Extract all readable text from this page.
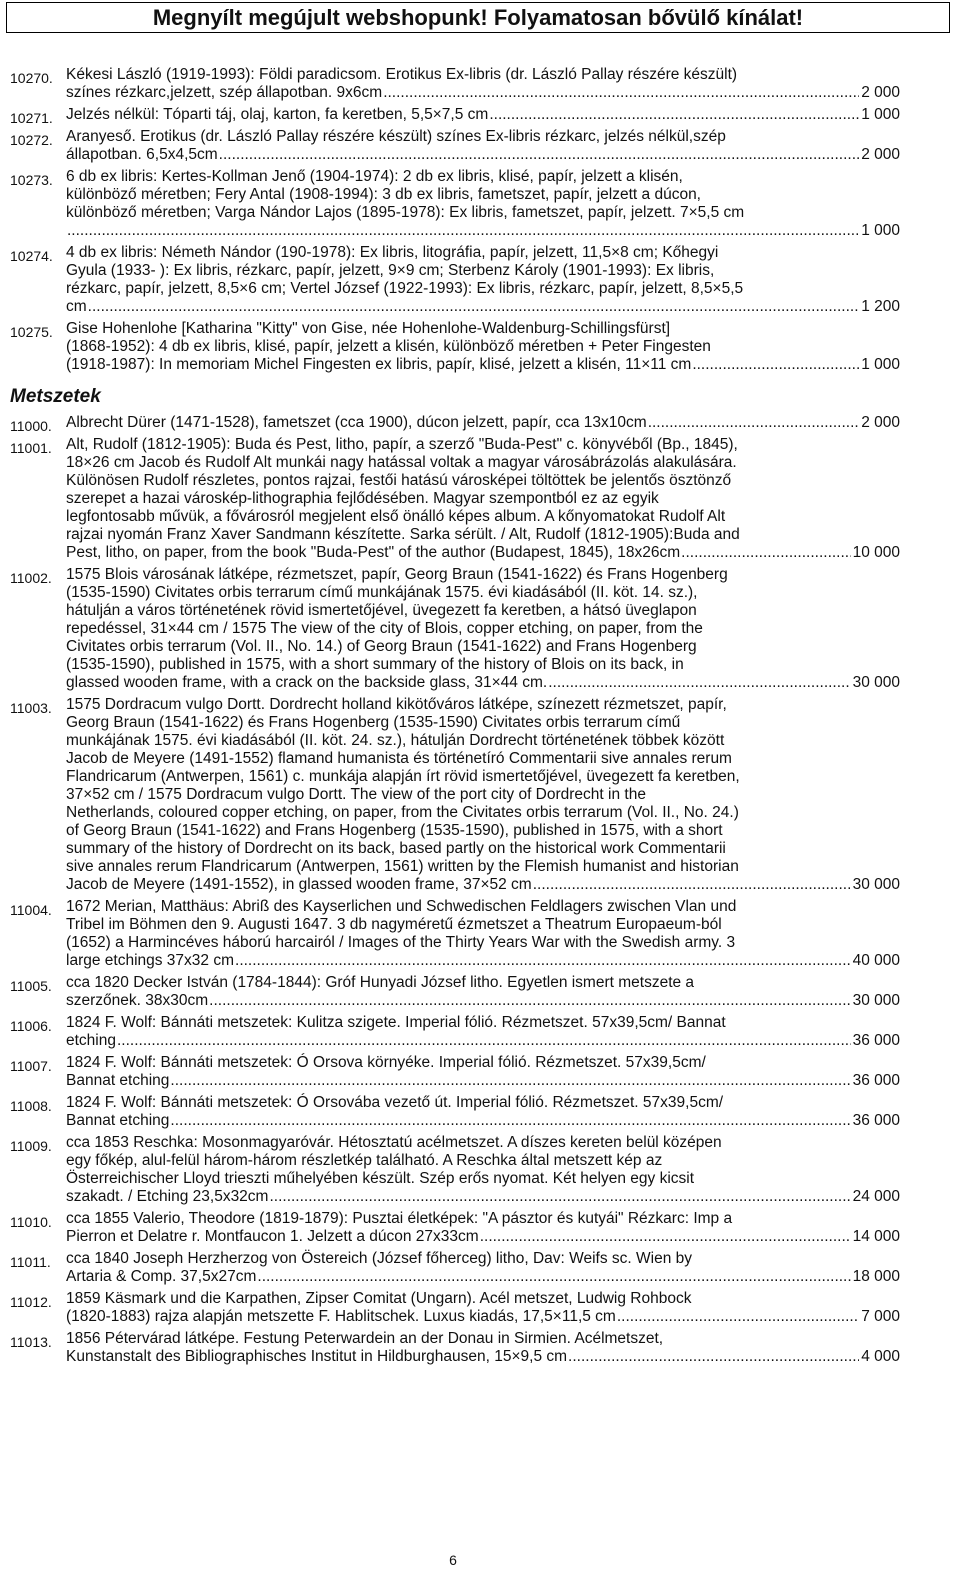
Megnyílt megújult webshopunk! Folyamatosan bővülő kínálat!
10270. Kékesi László (1919-1993): Földi paradicsom. Erotikus Ex-libris (dr. László Pallay részére készült)
színes rézkarc,jelzett, szép állapotban. 9x6cm .....	2 000
10271. Jelzés nélkül: Tóparti táj, olaj, karton, fa keretben, 5,5×7,5 cm .....	1 000
10272. Aranyeső. Erotikus (dr. László Pallay részére készült) színes Ex-libris rézkarc, jelzés nélkül,szép
állapotban. 6,5x4,5cm .....	2 000
10273. 6 db ex libris: Kertes-Kollman Jenő (1904-1974): 2 db ex libris, klisé, papír, jelzett a klisén,
különböző méretben; Fery Antal (1908-1994): 3 db ex libris, fametszet, papír, jelzett a dúcon,
különböző méretben; Varga Nándor Lajos (1895-1978): Ex libris, fametszet, papír, jelzett. 7×5,5 cm
.....
1 000
10274. 4 db ex libris: Németh Nándor (190-1978): Ex libris, litográfia, papír, jelzett, 11,5×8 cm; Kőhegyi
Gyula (1933- ): Ex libris, rézkarc, papír, jelzett, 9×9 cm; Sterbenz Károly (1901-1993): Ex libris,
rézkarc, papír, jelzett, 8,5×6 cm; Vertel József (1922-1993): Ex libris, rézkarc, papír, jelzett, 8,5×5,5
cm .....	1 200
10275. Gise Hohenlohe [Katharina "Kitty" von Gise, née Hohenlohe-Waldenburg-Schillingsfürst]
(1868-1952): 4 db ex libris, klisé, papír, jelzett a klisén, különböző méretben + Peter Fingesten
(1918-1987): In memoriam Michel Fingesten ex libris, papír, klisé, jelzett a klisén, 11×11 cm .....	1 000
Metszetek
11000. Albrecht Dürer (1471-1528), fametszet (cca 1900), dúcon jelzett, papír, cca 13x10cm .....	2 000
11001. Alt, Rudolf (1812-1905): Buda és Pest, litho, papír, a szerző "Buda-Pest" c. könyvéből (Bp., 1845),
18×26 cm Jacob és Rudolf Alt munkái nagy hatással voltak a magyar városábrázolás alakulására.
Különösen Rudolf részletes, pontos rajzai, festői hatású városképei töltöttek be jelentős ösztönző
szerepet a hazai városkép-lithographia fejlődésében. Magyar szempontból ez az egyik
legfontosabb művük, a fővárosról megjelent első önálló képes album. A kőnyomatokat Rudolf Alt
rajzai nyomán Franz Xaver Sandmann készítette. Sarka sérült. / Alt, Rudolf (1812-1905):Buda and
Pest, litho, on paper, from the book "Buda-Pest" of the author (Budapest, 1845), 18x26cm .....	10 000
11002. 1575 Blois városának látképe, rézmetszet, papír, Georg Braun (1541-1622) és Frans Hogenberg
(1535-1590) Civitates orbis terrarum című munkájának 1575. évi kiadásából (II. köt. 14. sz.),
hátulján a város történetének rövid ismertetőjével, üvegezett fa keretben, a hátsó üveglapon
repedéssel, 31×44 cm / 1575 The view of the city of Blois, copper etching, on paper, from the
Civitates orbis terrarum (Vol. II., No. 14.) of Georg Braun (1541-1622) and Frans Hogenberg
(1535-1590), published in 1575, with a short summary of the history of Blois on its back, in
glassed wooden frame, with a crack on the backside glass, 31×44 cm. .....	30 000
11003. 1575 Dordracum vulgo Dortt. Dordrecht holland kikötőváros látképe, színezett rézmetszet, papír,
Georg Braun (1541-1622) és Frans Hogenberg (1535-1590) Civitates orbis terrarum című
munkájának 1575. évi kiadásából (II. köt. 24. sz.), hátulján Dordrecht történetének többek között
Jacob de Meyere (1491-1552) flamand humanista és történetíró Commentarii sive annales rerum
Flandricarum (Antwerpen, 1561) c. munkája alapján írt rövid ismertetőjével, üvegezett fa keretben,
37×52 cm / 1575 Dordracum vulgo Dortt. The view of the port city of Dordrecht in the
Netherlands, coloured copper etching, on paper, from the Civitates orbis terrarum (Vol. II., No. 24.)
of Georg Braun (1541-1622) and Frans Hogenberg (1535-1590), published in 1575, with a short
summary of the history of Dordrecht on its back, based partly on the historical work Commentarii
sive annales rerum Flandricarum (Antwerpen, 1561) written by the Flemish humanist and historian
Jacob de Meyere (1491-1552), in glassed wooden frame, 37×52 cm .....	30 000
11004. 1672 Merian, Matthäus: Abriß des Kayserlichen und Schwedischen Feldlagers zwischen Vlan und
Tribel im Böhmen den 9. Augusti 1647. 3 db nagyméretű ézmetszet a Theatrum Europaeum-ból
(1652) a Harmincéves háború harcairól / Images of the Thirty Years War with the Swedish army. 3
large etchings 37x32 cm .....	40 000
11005. cca 1820 Decker István (1784-1844): Gróf Hunyadi József litho. Egyetlen ismert metszete a
szerzőnek. 38x30cm .....	30 000
11006. 1824 F. Wolf: Bánnáti metszetek: Kulitza szigete. Imperial fólió. Rézmetszet. 57x39,5cm/ Bannat
etching .....	36 000
11007. 1824 F. Wolf: Bánnáti metszetek: Ó Orsova környéke. Imperial fólió. Rézmetszet. 57x39,5cm/
Bannat etching .....	36 000
11008. 1824 F. Wolf: Bánnáti metszetek: Ó Orsovába vezető út. Imperial fólió. Rézmetszet. 57x39,5cm/
Bannat etching .....	36 000
11009. cca 1853 Reschka: Mosonmagyaróvár. Hétosztatú acélmetszet. A díszes kereten belül középen
egy főkép, alul-felül három-három részletkép található. A Reschka által metszett kép az
Österreichischer Lloyd trieszti műhelyében készült. Szép erős nyomat. Két helyen egy kicsit
szakadt. / Etching 23,5x32cm .....	24 000
11010. cca 1855 Valerio, Theodore (1819-1879): Pusztai életképek: "A pásztor és kutyái" Rézkarc: Imp a
Pierron et Delatre r. Montfaucon 1. Jelzett a dúcon 27x33cm .....	14 000
11011. cca 1840 Joseph Herzherzog von Östereich (József főherceg) litho, Dav: Weifs sc. Wien by
Artaria & Comp. 37,5x27cm .....	18 000
11012. 1859 Käsmark und die Karpathen, Zipser Comitat (Ungarn). Acél metszet, Ludwig Rohbock
(1820-1883) rajza alapján metszette F. Hablitschek. Luxus kiadás, 17,5×11,5 cm .....	7 000
11013. 1856 Pétervárad látképe. Festung Peterwardein an der Donau in Sirmien. Acélmetszet,
Kunstanstalt des Bibliographisches Institut in Hildburghausen, 15×9,5 cm .....	4 000
6
